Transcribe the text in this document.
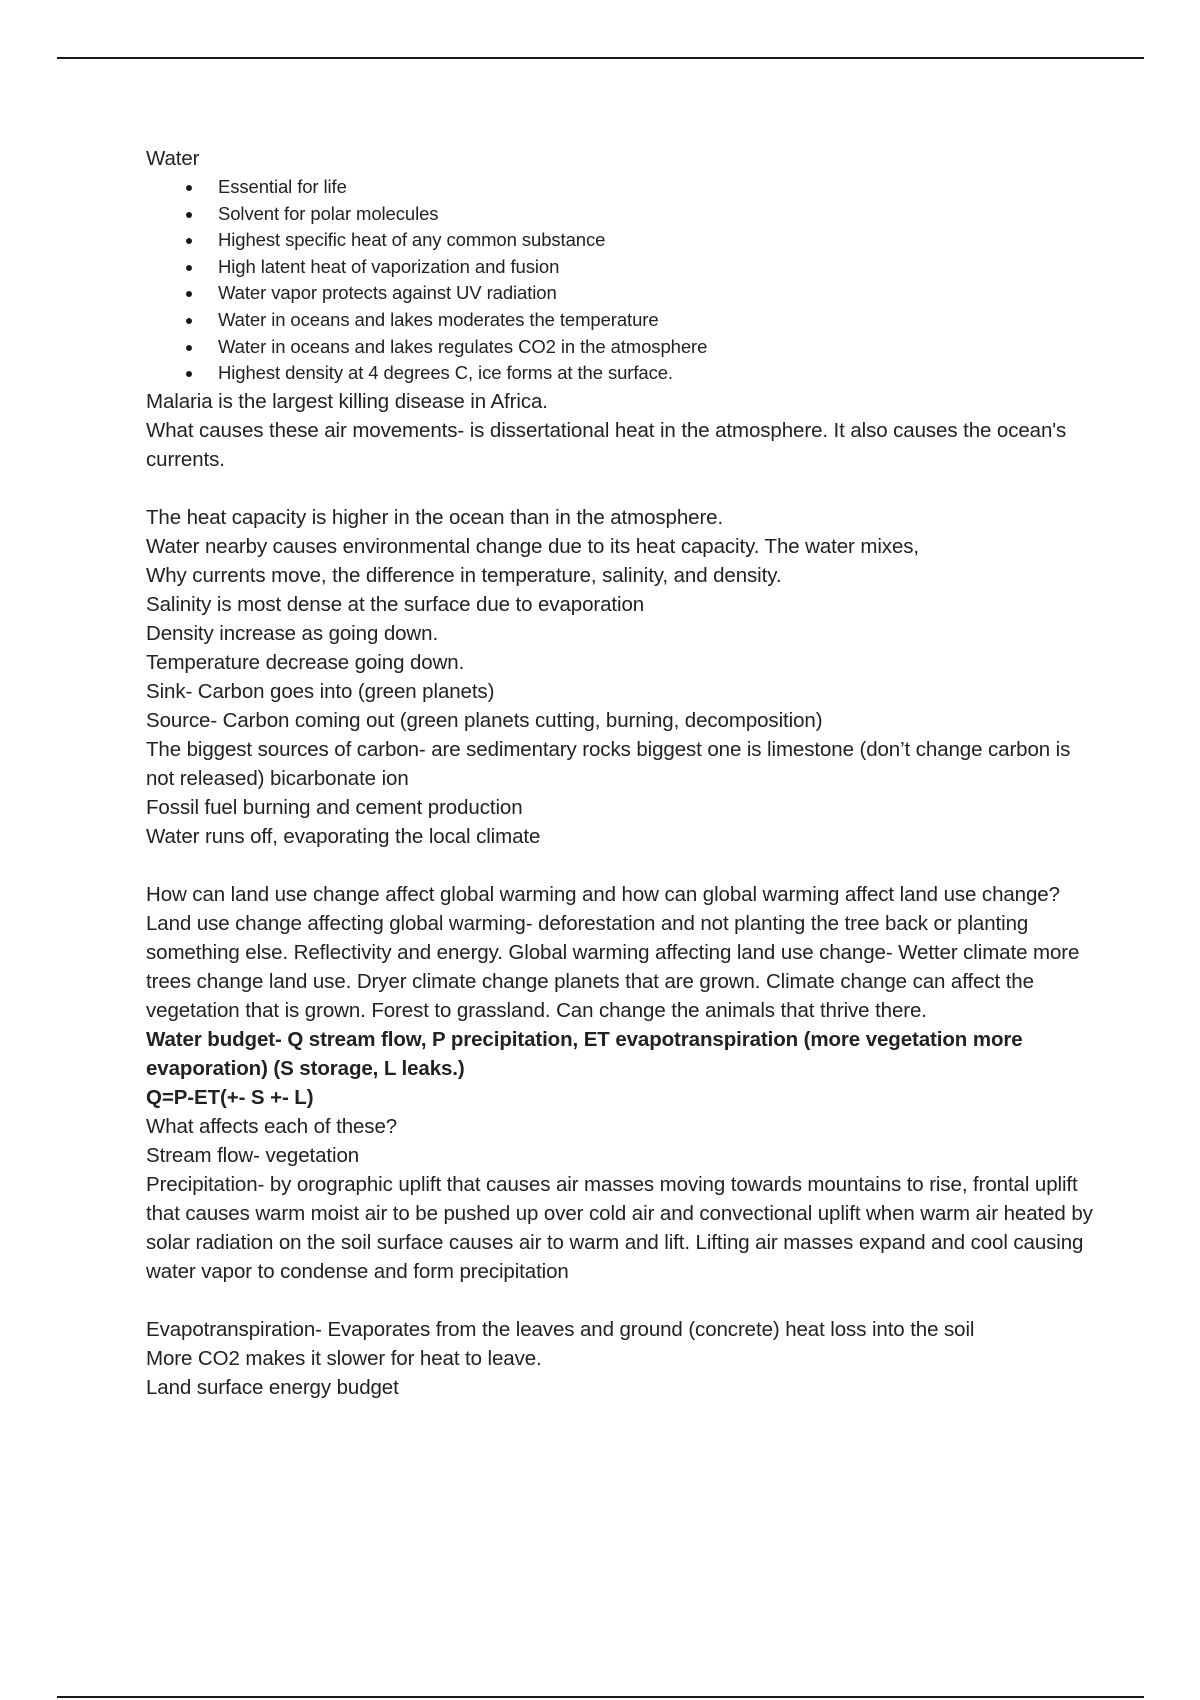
Water

Essential for life
Solvent for polar molecules
Highest specific heat of any common substance
High latent heat of vaporization and fusion
Water vapor protects against UV radiation
Water in oceans and lakes moderates the temperature
Water in oceans and lakes regulates CO2 in the atmosphere
Highest density at 4 degrees C, ice forms at the surface.

Malaria is the largest killing disease in Africa.

What causes these air movements- is dissertational heat in the atmosphere. It also causes the ocean's currents.

The heat capacity is higher in the ocean than in the atmosphere.

Water nearby causes environmental change due to its heat capacity. The water mixes,

Why currents move, the difference in temperature, salinity, and density.

Salinity is most dense at the surface due to evaporation

Density increase as going down.

Temperature decrease going down.

Sink- Carbon goes into (green planets)

Source- Carbon coming out (green planets cutting, burning, decomposition)

The biggest sources of carbon- are sedimentary rocks biggest one is limestone (don’t change carbon is not released) bicarbonate ion

Fossil fuel burning and cement production

Water runs off, evaporating the local climate

How can land use change affect global warming and how can global warming affect land use change? Land use change affecting global warming- deforestation and not planting the tree back or planting something else. Reflectivity and energy. Global warming affecting land use change- Wetter climate more trees change land use. Dryer climate change planets that are grown. Climate change can affect the vegetation that is grown. Forest to grassland. Can change the animals that thrive there.

Water budget- Q stream flow, P precipitation, ET evapotranspiration (more vegetation more evaporation) (S storage, L leaks.)

Q=P-ET(+- S +- L)

What affects each of these?

Stream flow- vegetation

Precipitation- by orographic uplift that causes air masses moving towards mountains to rise, frontal uplift that causes warm moist air to be pushed up over cold air and convectional uplift when warm air heated by solar radiation on the soil surface causes air to warm and lift. Lifting air masses expand and cool causing water vapor to condense and form precipitation

Evapotranspiration- Evaporates from the leaves and ground (concrete) heat loss into the soil

More CO2 makes it slower for heat to leave.

Land surface energy budget
